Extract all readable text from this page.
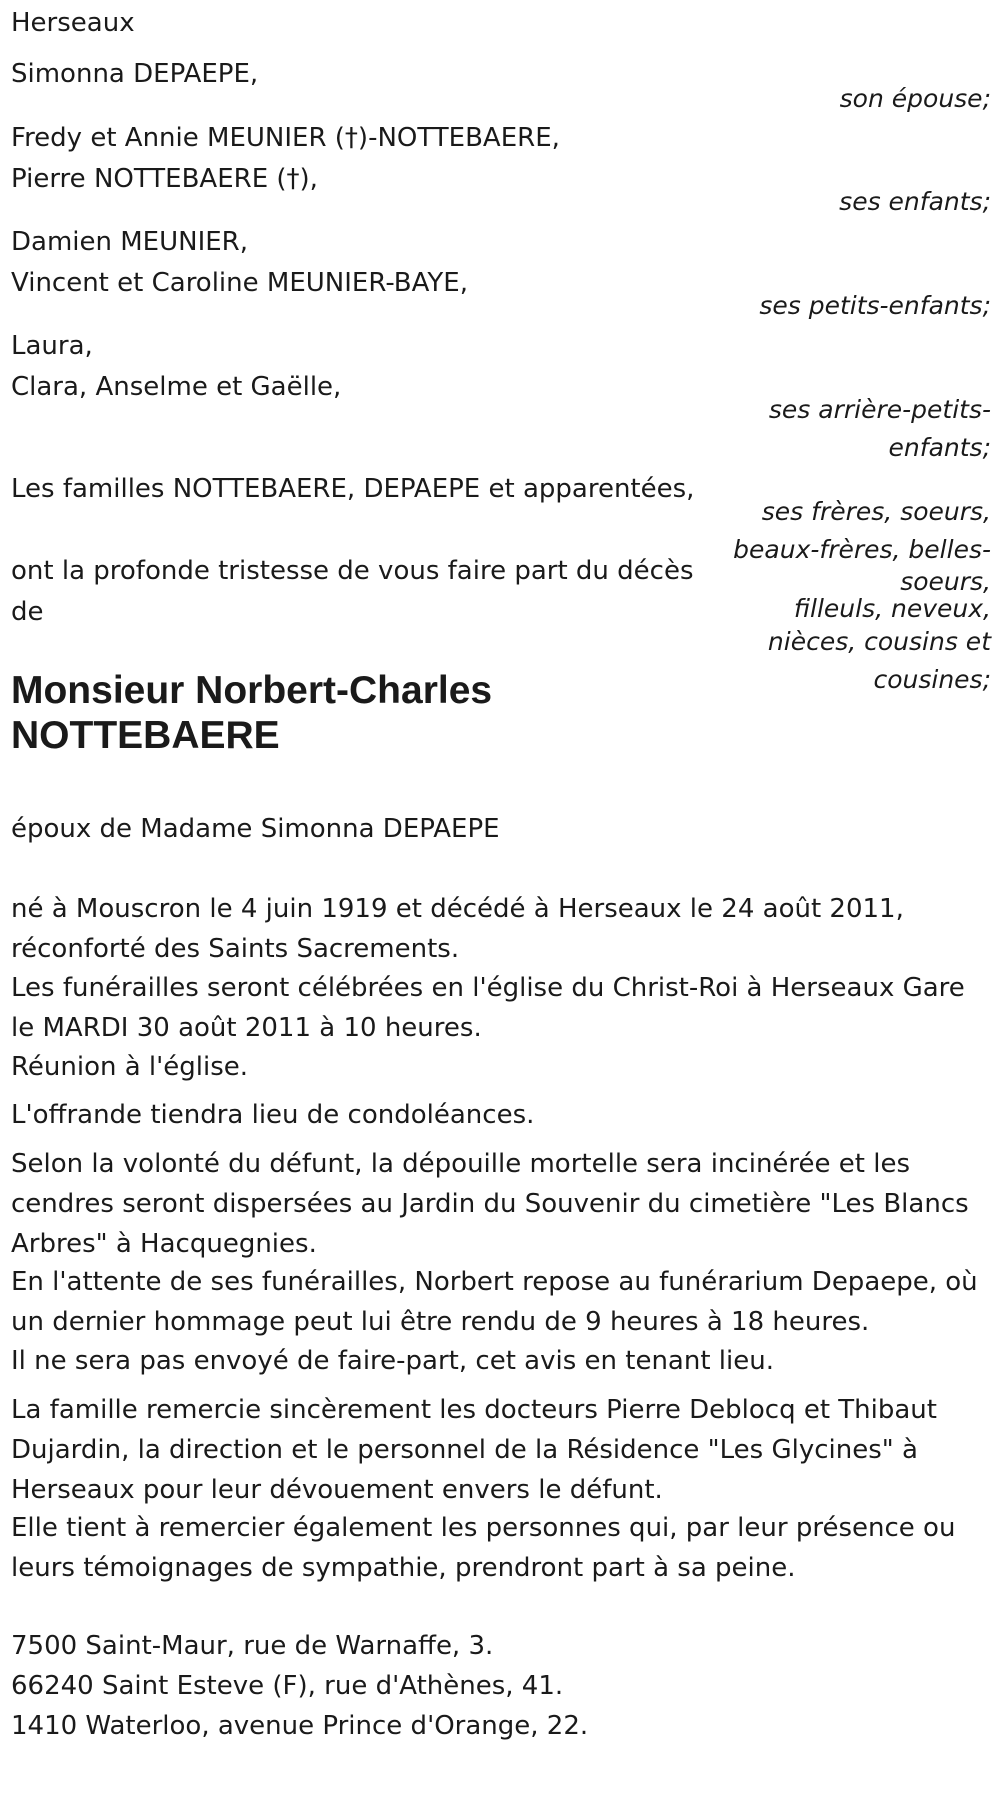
Herseaux
Simonna DEPAEPE,
son épouse;
Fredy et Annie MEUNIER (†)-NOTTEBAERE,
Pierre NOTTEBAERE (†),
ses enfants;
Damien MEUNIER,
Vincent et Caroline MEUNIER-BAYE,
ses petits-enfants;
Laura,
Clara, Anselme et Gaëlle,
ses arrière-petits-
enfants;
Les familles NOTTEBAERE, DEPAEPE et apparentées,
ses frères, soeurs,
beaux-frères, belles-
soeurs,
filleuls, neveux,
nièces, cousins et
cousines;
ont la profonde tristesse de vous faire part du décès de
Monsieur Norbert-Charles NOTTEBAERE
époux de Madame Simonna DEPAEPE
né à Mouscron le 4 juin 1919 et décédé à Herseaux le 24 août 2011, réconforté des Saints Sacrements.
Les funérailles seront célébrées en l'église du Christ-Roi à Herseaux Gare le MARDI 30 août 2011 à 10 heures.
Réunion à l'église.
L'offrande tiendra lieu de condoléances.
Selon la volonté du défunt, la dépouille mortelle sera incinérée et les cendres seront dispersées au Jardin du Souvenir du cimetière "Les Blancs Arbres" à Hacquegnies.
En l'attente de ses funérailles, Norbert repose au funérarium Depaepe, où un dernier hommage peut lui être rendu de 9 heures à 18 heures.
Il ne sera pas envoyé de faire-part, cet avis en tenant lieu.
La famille remercie sincèrement les docteurs Pierre Deblocq et Thibaut Dujardin, la direction et le personnel de la Résidence "Les Glycines" à Herseaux pour leur dévouement envers le défunt.
Elle tient à remercier également les personnes qui, par leur présence ou leurs témoignages de sympathie, prendront part à sa peine.
7500 Saint-Maur, rue de Warnaffe, 3.
66240 Saint Esteve (F), rue d'Athènes, 41.
1410 Waterloo, avenue Prince d'Orange, 22.
